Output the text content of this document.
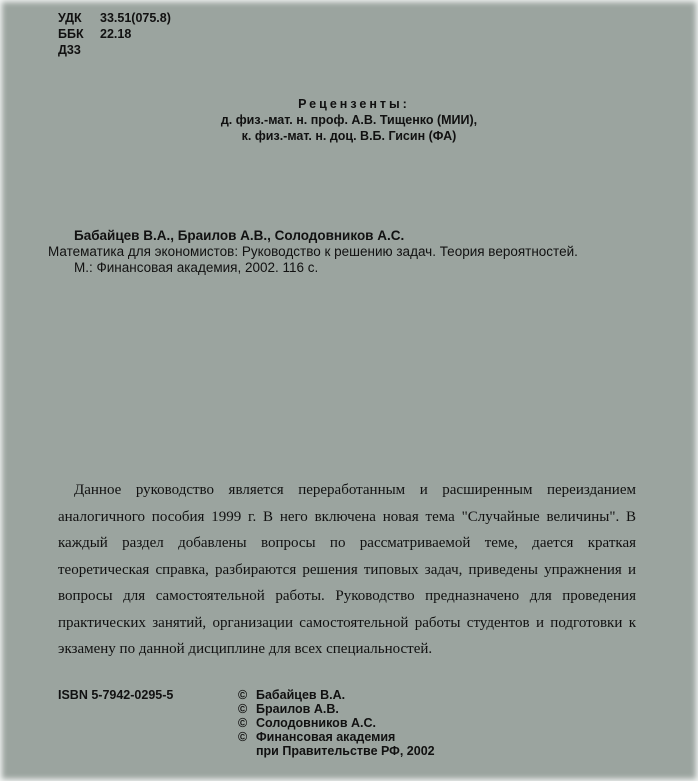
УДК	33.51(075.8)
ББК	22.18
Д33
Рецензенты:
д. физ.-мат. н. проф. А.В. Тищенко (МИИ),
к. физ.-мат. н. доц. В.Б. Гисин (ФА)
Бабайцев В.А., Браилов А.В., Солодовников А.С.
Математика для экономистов: Руководство к решению задач. Теория вероятностей.
М.: Финансовая академия, 2002. 116 с.

Данное руководство является переработанным и расширенным переизданием аналогичного пособия 1999 г. В него включена новая тема "Случайные величины". В каждый раздел добавлены вопросы по рассматриваемой теме, дается краткая теоретическая справка, разбираются решения типовых задач, приведены упражнения и вопросы для самостоятельной работы. Руководство предназначено для проведения практических занятий, организации самостоятельной работы студентов и подготовки к экзамену по данной дисциплине для всех специальностей.

ISBN 5-7942-0295-5	© Бабайцев В.А.
© Браилов А.В.
© Солодовников А.С.
© Финансовая академия
при Правительстве РФ, 2002
